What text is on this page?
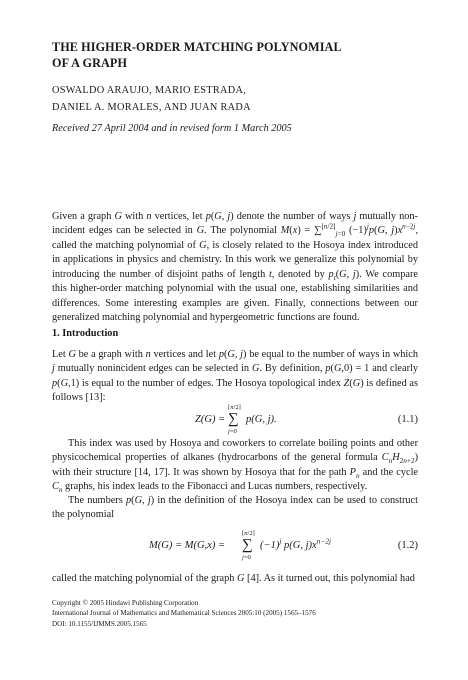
THE HIGHER-ORDER MATCHING POLYNOMIAL
OF A GRAPH
OSWALDO ARAUJO, MARIO ESTRADA,
DANIEL A. MORALES, AND JUAN RADA
Received 27 April 2004 and in revised form 1 March 2005
Given a graph G with n vertices, let p(G, j) denote the number of ways j mutually non-incident edges can be selected in G. The polynomial $M(x) = \sum[n/2]_{j=0}$ $(-1)^jp(G$, $j)x^{n-2j}$, called the matching polynomial of G, is closely related to the Hosoya index introduced in applications in physics and chemistry. In this work we generalize this polynomial by introducing the number of disjoint paths of length t, denoted by $p_t(G$, j). We compare this higher-order matching polynomial with the usual one, establishing similarities and differences. Some interesting examples are given. Finally, connections between our generalized matching polynomial and hypergeometric functions are found.
1. Introduction
Let G be a graph with n vertices and let p(G, j) be equal to the number of ways in which j mutually nonincident edges can be selected in G. By definition, p(G,0) = 1 and clearly p(G,1) is equal to the number of edges. The Hosoya topological index Z(G) is defined as follows [13]:
[n/2]
∑
j=0
Z(G) = p(G, j).	(1.1)
This index was used by Hosoya and coworkers to correlate boiling points and other physicochemical properties of alkanes (hydrocarbons of the general formula $C_nH_{2n+2}$) with their structure [14, 17]. It was shown by Hosoya that for the path $P_n$ and the cycle $C_n$ graphs, his index leads to the Fibonacci and Lucas numbers, respectively.
The numbers p(G, j) in the definition of the Hosoya index can be used to construct the polynomial
[n/2]
∑
j=0
M(G) = M(G,x) =	$(-1)^j$ p(G, $j)x^{n-2j}$	(1.2)
called the matching polynomial of the graph G [4]. As it turned out, this polynomial had
Copyright © 2005 Hindawi Publishing Corporation
International Journal of Mathematics and Mathematical Sciences 2005:10 (2005) 1565–1576
DOI: 10.1155/IJMMS.2005.1565
